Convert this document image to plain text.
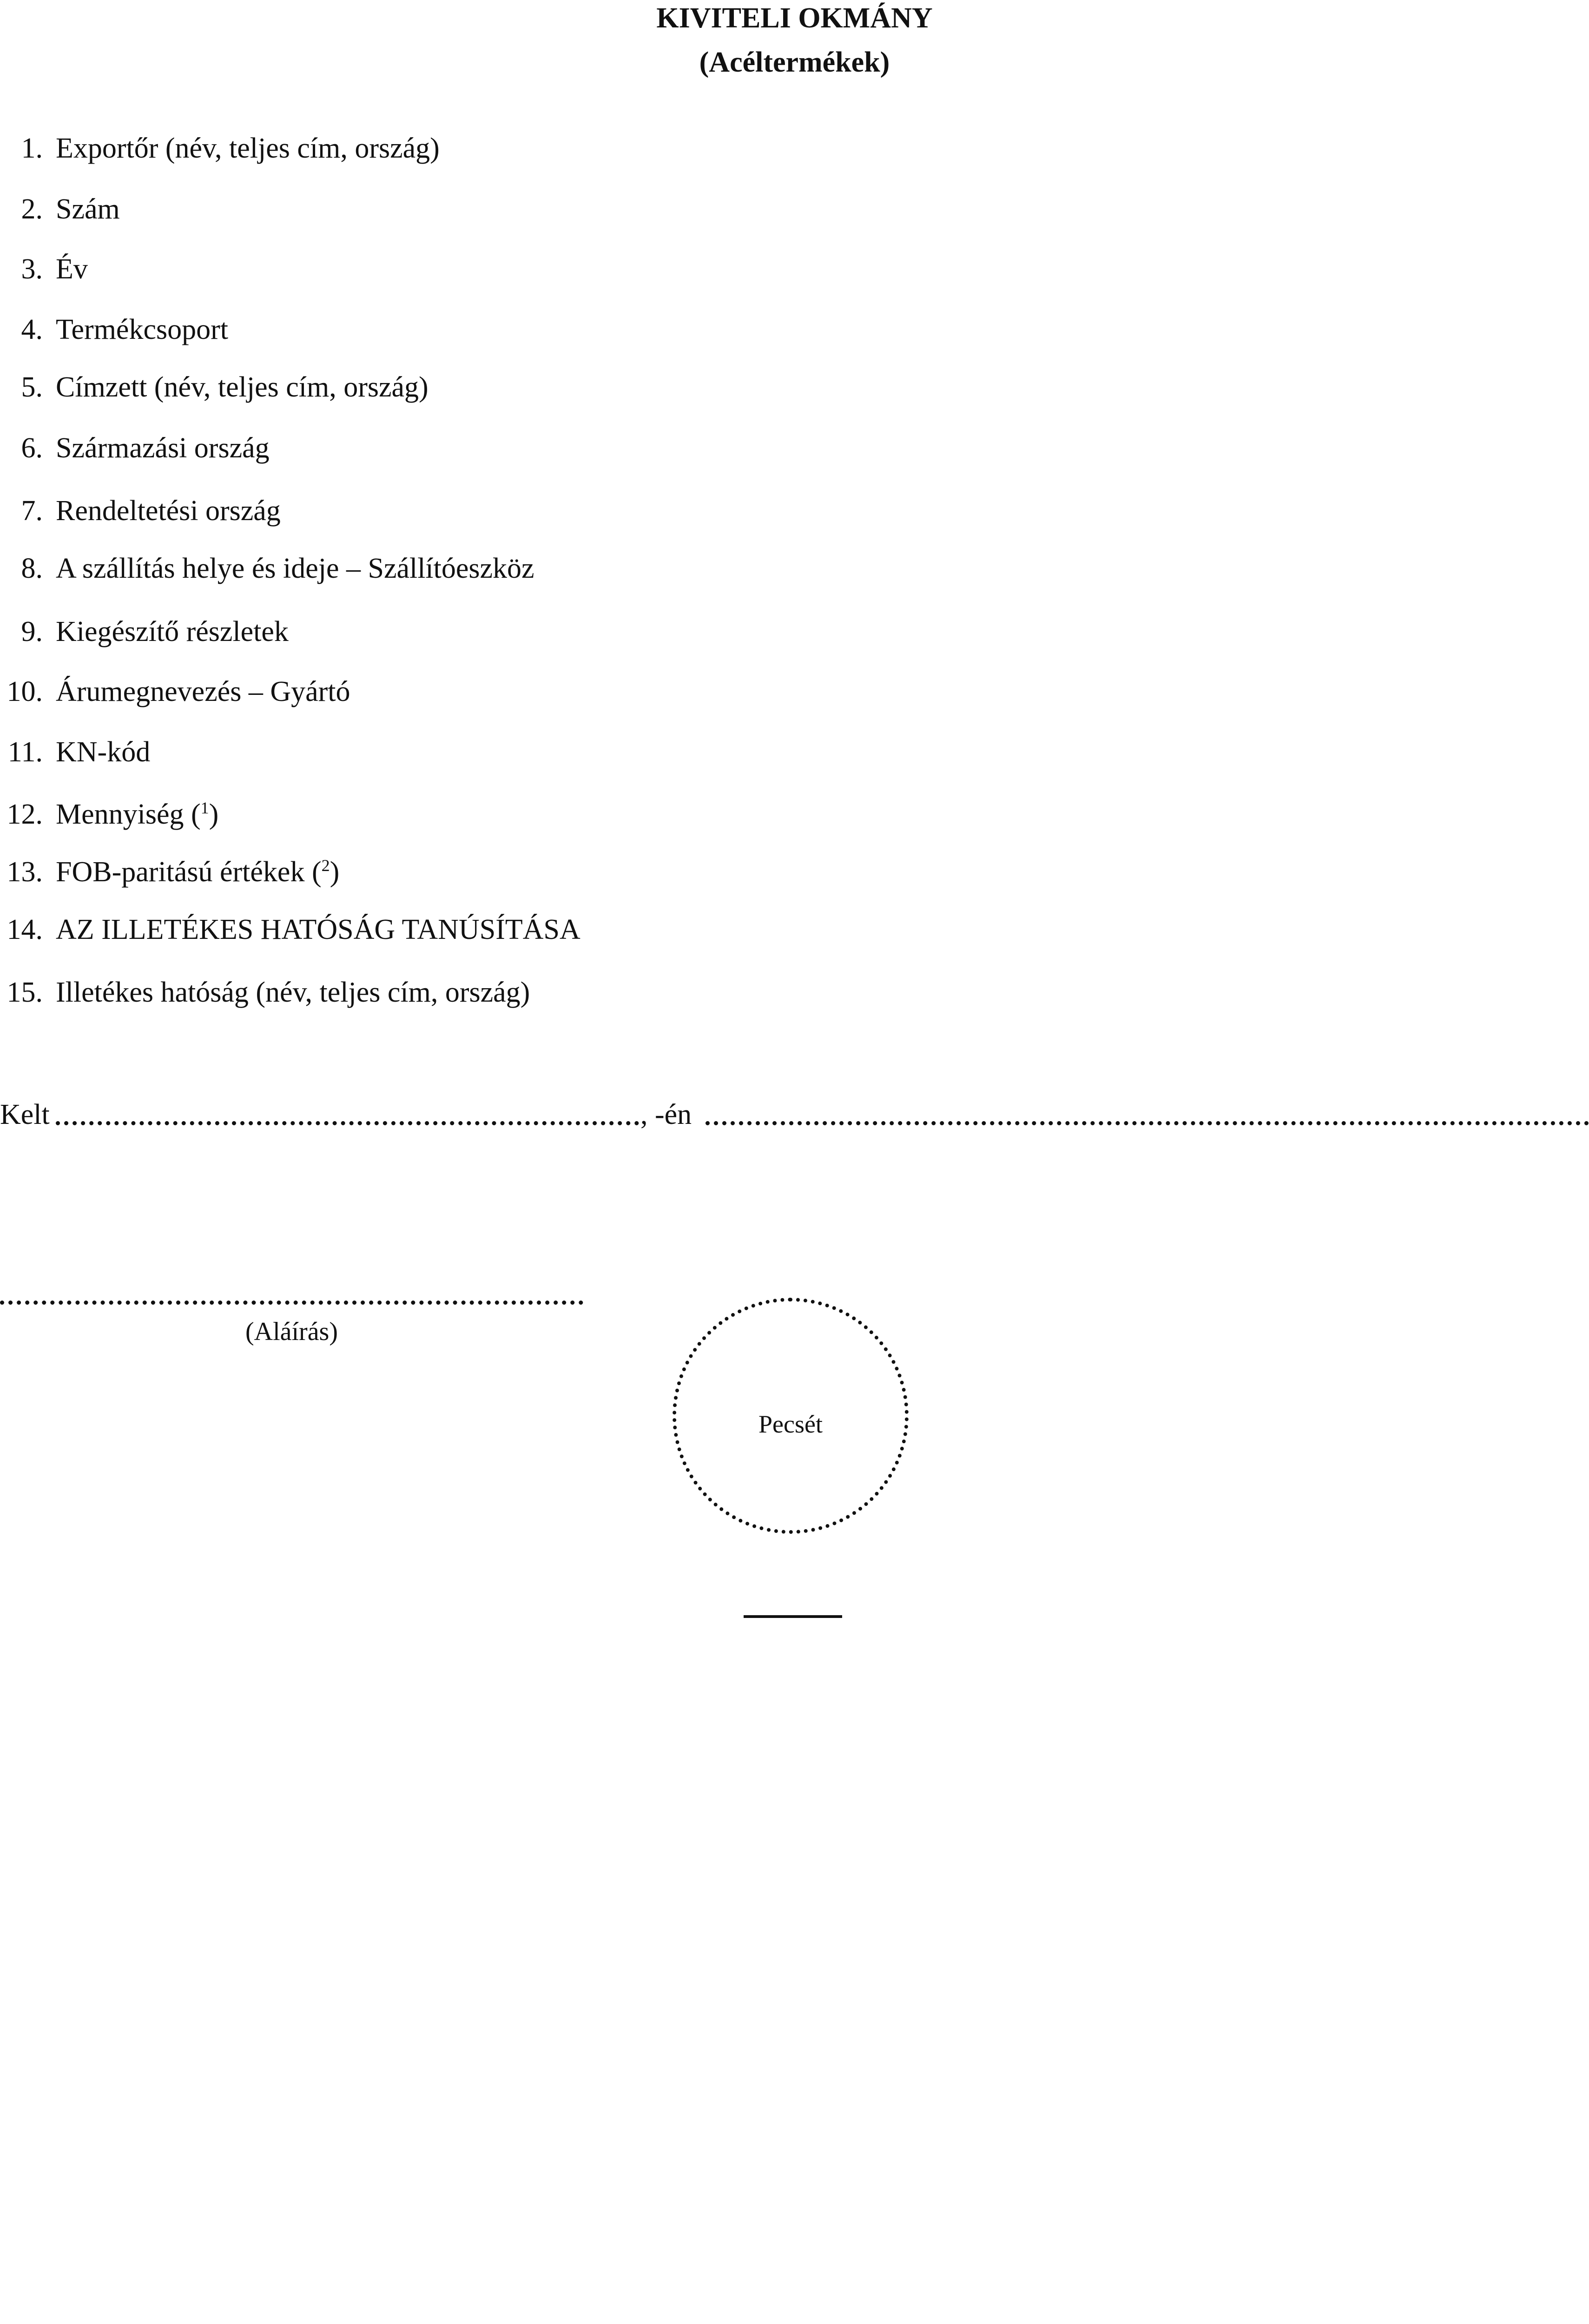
KIVITELI OKMÁNY
(Acéltermékek)
1. Exportőr (név, teljes cím, ország)
2. Szám
3. Év
4. Termékcsoport
5. Címzett (név, teljes cím, ország)
6. Származási ország
7. Rendeltetési ország
8. A szállítás helye és ideje – Szállítóeszköz
9. Kiegészítő részletek
10. Árumegnevezés – Gyártó
11. KN-kód
12. Mennyiség ($^1$)
13. FOB-paritású értékek ($^2$)
14. AZ ILLETÉKES HATÓSÁG TANÚSÍTÁSA
15. Illetékes hatóság (név, teljes cím, ország)
Kelt	, -én
(Aláírás)
Pecsét
